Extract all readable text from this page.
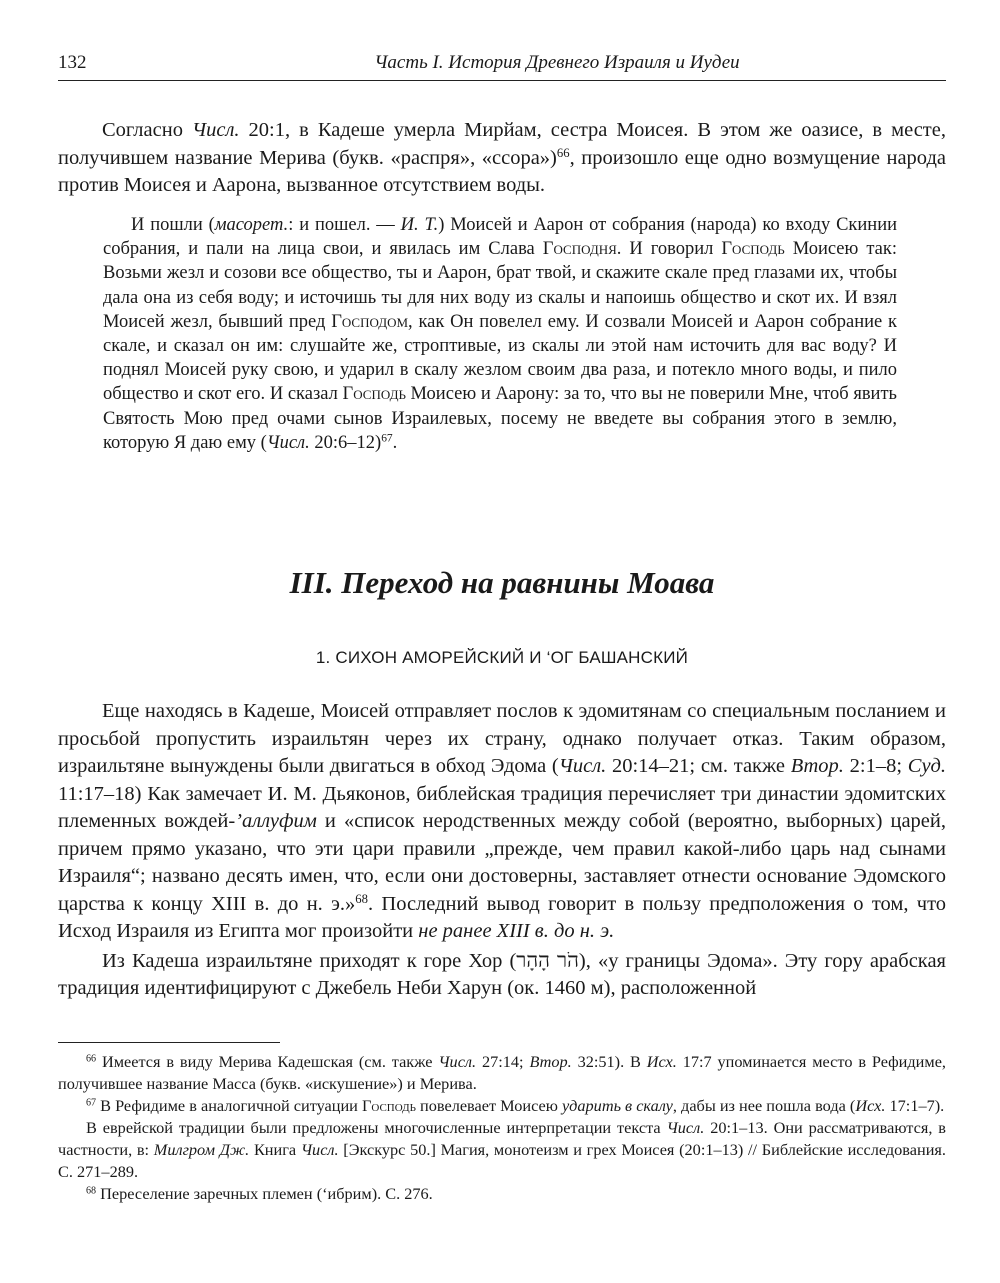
132	Часть I. История Древнего Израиля и Иудеи

Согласно Числ. 20:1, в Кадеше умерла Мирйам, сестра Моисея. В этом же оазисе, в месте, получившем название Мерива (букв. «распря», «ссора»)$^{66}$, произошло еще одно возмущение народа против Моисея и Аарона, вызванное отсутствием воды.

И пошли (масорет.: и пошел. — И. Т.) Моисей и Аарон от собрания (народа) ко входу Скинии собрания, и пали на лица свои, и явилась им Слава Господня. И говорил Господь Моисею так: Возьми жезл и созови все общество, ты и Аарон, брат твой, и скажите скале пред глазами их, чтобы дала она из себя воду; и источишь ты для них воду из скалы и напоишь общество и скот их. И взял Моисей жезл, бывший пред Господом, как Он повелел ему. И созвали Моисей и Аарон собрание к скале, и сказал он им: слушайте же, строптивые, из скалы ли этой нам источить для вас воду? И поднял Моисей руку свою, и ударил в скалу жезлом своим два раза, и потекло много воды, и пило общество и скот его. И сказал Господь Моисею и Аарону: за то, что вы не поверили Мне, чтоб явить Святость Мою пред очами сынов Израилевых, посему не введете вы собрания этого в землю, которую Я даю ему (Числ. 20:6–12)$^{67}$.

III. Переход на равнины Моава
1. СИХОН АМОРЕЙСКИЙ И ‘ОГ БАШАНСКИЙ

Еще находясь в Кадеше, Моисей отправляет послов к эдомитянам со специальным посланием и просьбой пропустить израильтян через их страну, однако получает отказ. Таким образом, израильтяне вынуждены были двигаться в обход Эдома (Числ. 20:14–21; см. также Втор. 2:1–8; Суд. 11:17–18) Как замечает И. М. Дьяконов, библейская традиция перечисляет три династии эдомитских племенных вождей-’аллуфим и «список неродственных между собой (вероятно, выборных) царей, причем прямо указано, что эти цари правили „прежде, чем правил какой-либо царь над сынами Израиля“; названо десять имен, что, если они достоверны, заставляет отнести основание Эдомского царства к концу XIII в. до н. э.»$^{68}$. Последний вывод говорит в пользу предположения о том, что Исход Израиля из Египта мог произойти не ранее XIII в. до н. э.

Из Кадеша израильтяне приходят к горе Хор (הֹר הָהָר), «у границы Эдома». Эту гору арабская традиция идентифицируют с Джебель Неби Харун (ок. 1460 м), расположенной

$^{66}$ Имеется в виду Мерива Кадешская (см. также Числ. 27:14; Втор. 32:51). В Исх. 17:7 упоминается место в Рефидиме, получившее название Масса (букв. «искушение») и Мерива.

$^{67}$ В Рефидиме в аналогичной ситуации Господь повелевает Моисею ударить в скалу, дабы из нее пошла вода (Исх. 17:1–7).

В еврейской традиции были предложены многочисленные интерпретации текста Числ. 20:1–13. Они рассматриваются, в частности, в: Милгром Дж. Книга Числ. [Экскурс 50.] Магия, монотеизм и грех Моисея (20:1–13) // Библейские исследования. С. 271–289.

$^{68}$ Переселение заречных племен (‘ибрим). С. 276.
